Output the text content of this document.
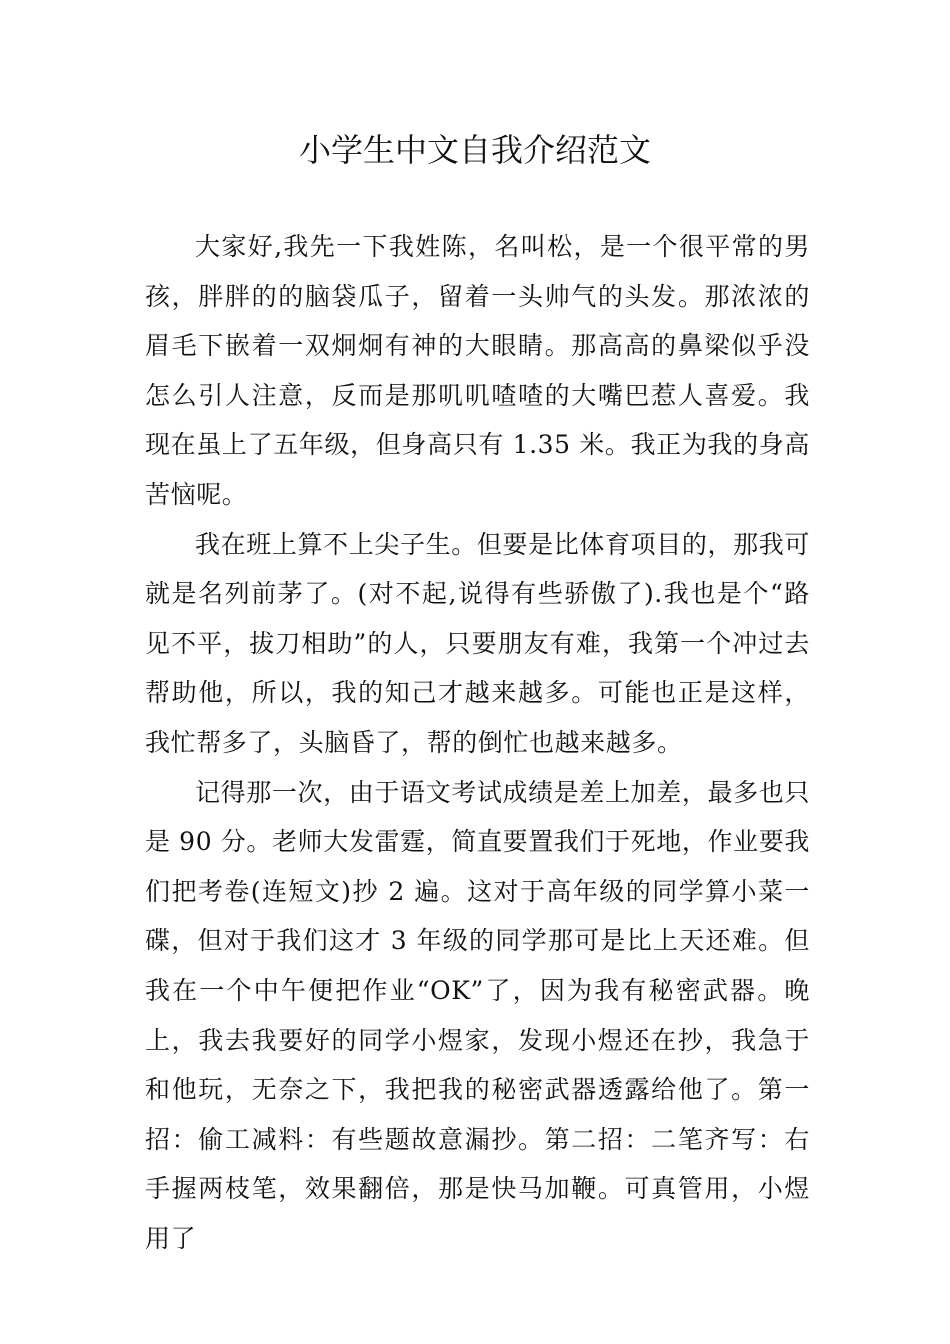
小学生中文自我介绍范文

大家好,我先一下我姓陈，名叫松，是一个很平常的男孩，胖胖的的脑袋瓜子，留着一头帅气的头发。那浓浓的眉毛下嵌着一双炯炯有神的大眼睛。那高高的鼻梁似乎没怎么引人注意，反而是那叽叽喳喳的大嘴巴惹人喜爱。我现在虽上了五年级，但身高只有 1.35 米。我正为我的身高苦恼呢。

我在班上算不上尖子生。但要是比体育项目的，那我可就是名列前茅了。(对不起,说得有些骄傲了).我也是个“路见不平，拔刀相助”的人，只要朋友有难，我第一个冲过去帮助他，所以，我的知己才越来越多。可能也正是这样，我忙帮多了，头脑昏了，帮的倒忙也越来越多。

记得那一次，由于语文考试成绩是差上加差，最多也只是 90 分。老师大发雷霆，简直要置我们于死地，作业要我们把考卷(连短文)抄 2 遍。这对于高年级的同学算小菜一碟，但对于我们这才 3 年级的同学那可是比上天还难。但我在一个中午便把作业“OK”了，因为我有秘密武器。晚上，我去我要好的同学小煜家，发现小煜还在抄，我急于和他玩，无奈之下，我把我的秘密武器透露给他了。第一招：偷工减料：有些题故意漏抄。第二招：二笔齐写：右手握两枝笔，效果翻倍，那是快马加鞭。可真管用，小煜用了
